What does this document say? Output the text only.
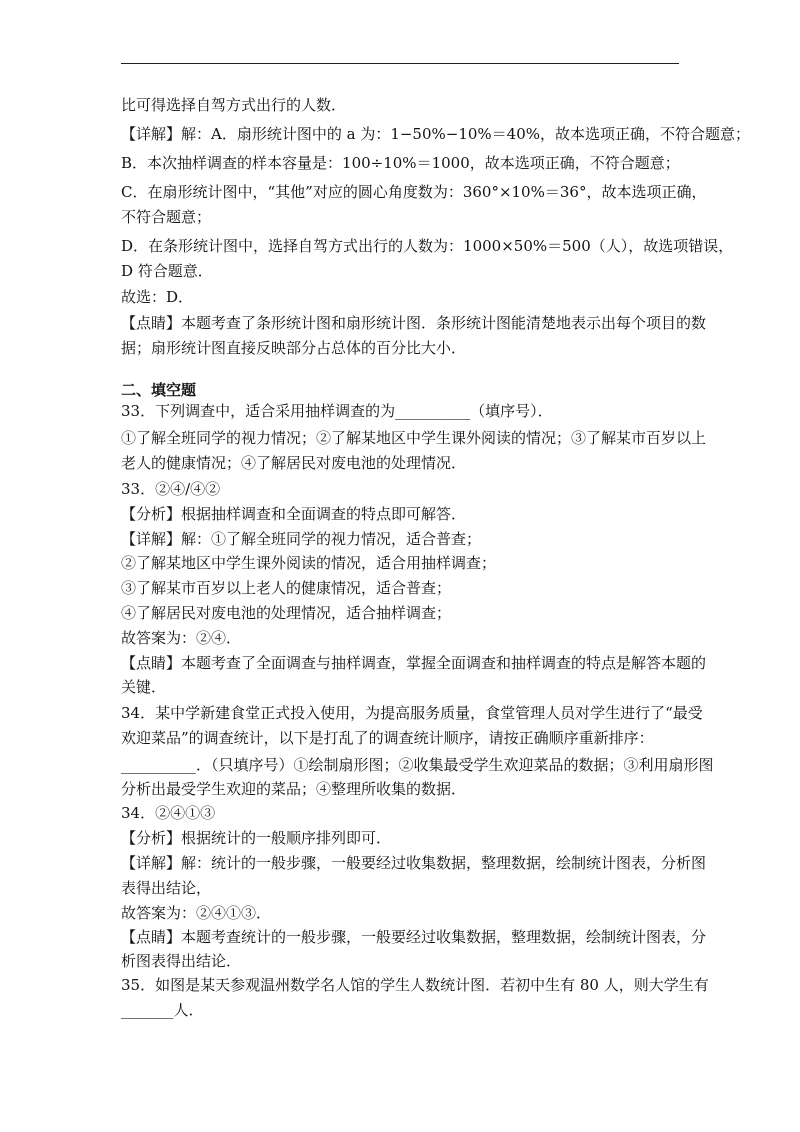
比可得选择自驾方式出行的人数．
【详解】解：A．扇形统计图中的 a 为：1−50%−10%＝40%，故本选项正确，不符合题意；
B．本次抽样调查的样本容量是：100÷10%＝1000，故本选项正确，不符合题意；
C．在扇形统计图中，“其他”对应的圆心角度数为：360°×10%＝36°，故本选项正确，
不符合题意；
D．在条形统计图中，选择自驾方式出行的人数为：1000×50%＝500（人），故选项错误，
D 符合题意．
故选：D．
【点睛】本题考查了条形统计图和扇形统计图．条形统计图能清楚地表示出每个项目的数
据；扇形统计图直接反映部分占总体的百分比大小．
二、填空题
33．下列调查中，适合采用抽样调查的为__________（填序号）．
①了解全班同学的视力情况；②了解某地区中学生课外阅读的情况；③了解某市百岁以上
老人的健康情况；④了解居民对废电池的处理情况．
33．②④/④②
【分析】根据抽样调查和全面调查的特点即可解答．
【详解】解：①了解全班同学的视力情况，适合普查；
②了解某地区中学生课外阅读的情况，适合用抽样调查；
③了解某市百岁以上老人的健康情况，适合普查；
④了解居民对废电池的处理情况，适合抽样调查；
故答案为：②④．
【点睛】本题考查了全面调查与抽样调查，掌握全面调查和抽样调查的特点是解答本题的
关键．
34．某中学新建食堂正式投入使用，为提高服务质量，食堂管理人员对学生进行了“最受
欢迎菜品”的调查统计，以下是打乱了的调查统计顺序，请按正确顺序重新排序：
__________．（只填序号）①绘制扇形图；②收集最受学生欢迎菜品的数据；③利用扇形图
分析出最受学生欢迎的菜品；④整理所收集的数据．
34．②④①③
【分析】根据统计的一般顺序排列即可．
【详解】解：统计的一般步骤，一般要经过收集数据，整理数据，绘制统计图表，分析图
表得出结论，
故答案为：②④①③．
【点睛】本题考查统计的一般步骤，一般要经过收集数据，整理数据，绘制统计图表，分
析图表得出结论．
35．如图是某天参观温州数学名人馆的学生人数统计图．若初中生有 80 人，则大学生有
_______人．
